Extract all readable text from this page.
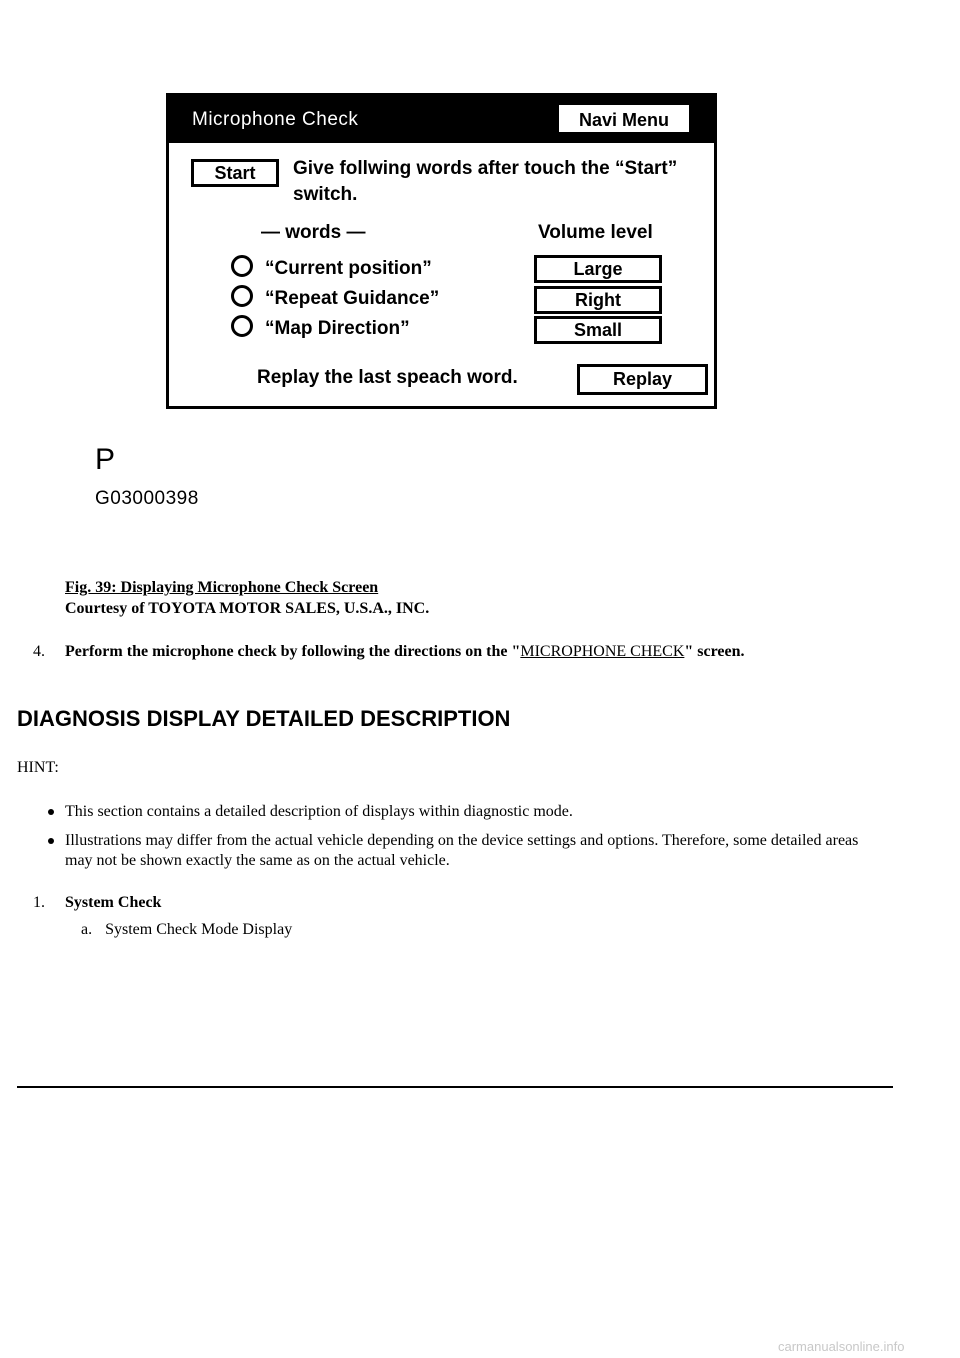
Microphone Check	Navi Menu
Start	Give follwing words after touch the “Start” switch.
— words —	Volume level
“Current position”
“Repeat Guidance”
“Map Direction”
Large
Right
Small
Replay the last speach word.	Replay
P
G03000398
Fig. 39: Displaying Microphone Check Screen
Courtesy of TOYOTA MOTOR SALES, U.S.A., INC.
4. Perform the microphone check by following the directions on the "MICROPHONE CHECK" screen.
DIAGNOSIS DISPLAY DETAILED DESCRIPTION
HINT:
This section contains a detailed description of displays within diagnostic mode.
Illustrations may differ from the actual vehicle depending on the device settings and options. Therefore, some detailed areas may not be shown exactly the same as on the actual vehicle.
1. System Check
a. System Check Mode Display
carmanualsonline.info
